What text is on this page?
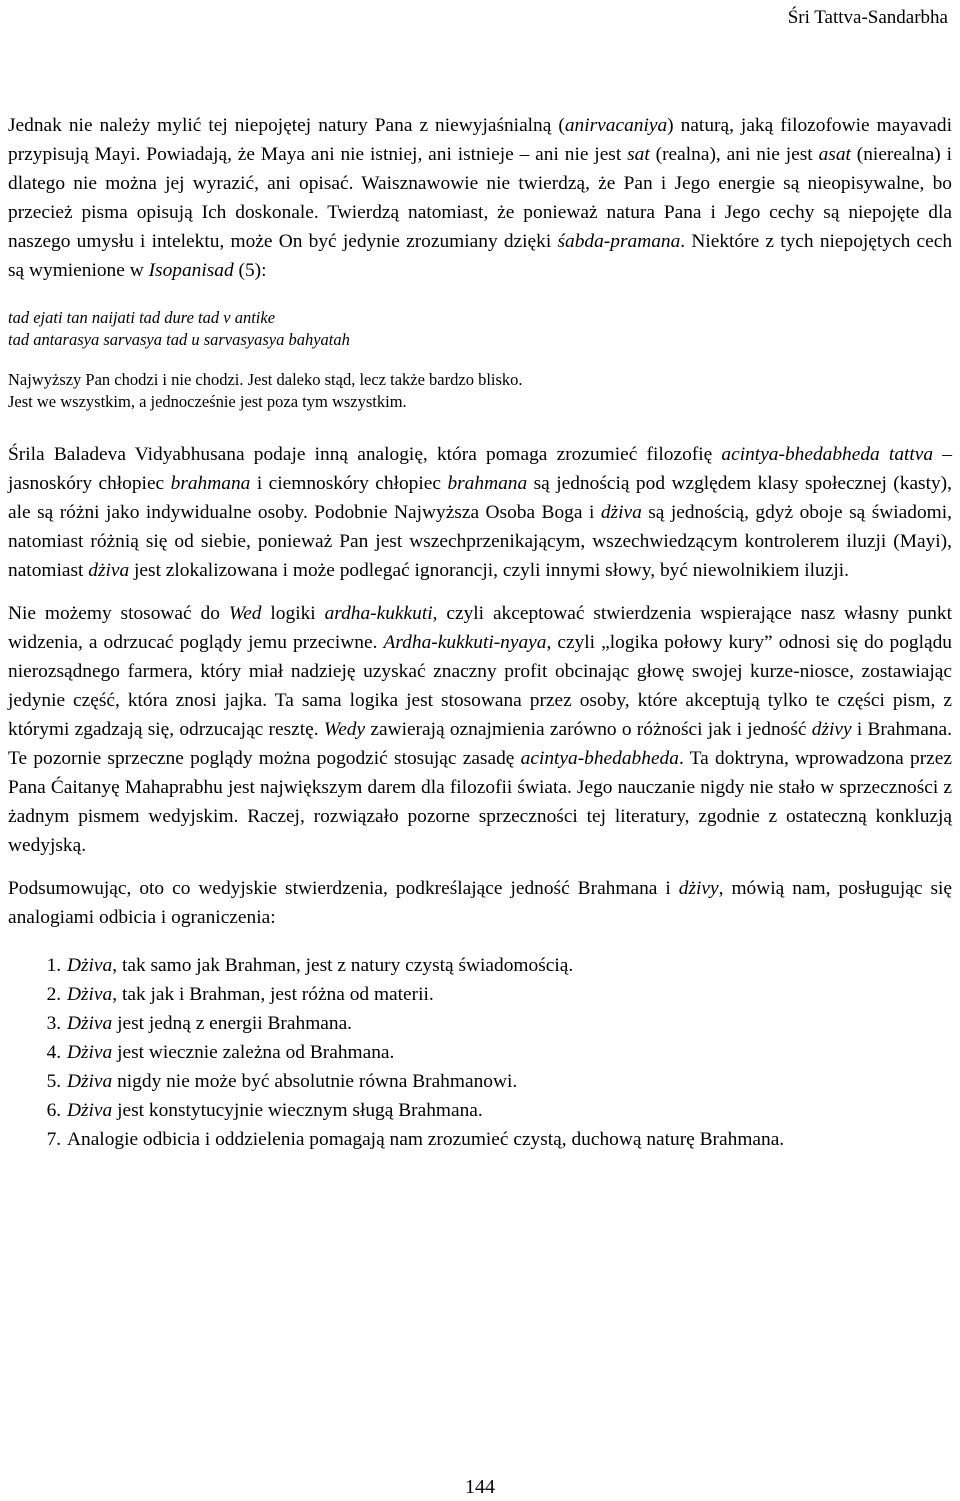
Śri Tattva-Sandarbha

Jednak nie należy mylić tej niepojętej natury Pana z niewyjaśnialną (anirvacaniya) naturą, jaką filozofowie mayavadi przypisują Mayi. Powiadają, że Maya ani nie istniej, ani istnieje – ani nie jest sat (realna), ani nie jest asat (nierealna) i dlatego nie można jej wyrazić, ani opisać. Waisznawowie nie twierdzą, że Pan i Jego energie są nieopisywalne, bo przecież pisma opisują Ich doskonale. Twierdzą natomiast, że ponieważ natura Pana i Jego cechy są niepojęte dla naszego umysłu i intelektu, może On być jedynie zrozumiany dzięki śabda-pramana. Niektóre z tych niepojętych cech są wymienione w Isopanisad (5):

tad ejati tan naijati tad dure tad v antike
tad antarasya sarvasya tad u sarvasyasya bahyatah
Najwyższy Pan chodzi i nie chodzi. Jest daleko stąd, lecz także bardzo blisko.
Jest we wszystkim, a jednocześnie jest poza tym wszystkim.

Śrila Baladeva Vidyabhusana podaje inną analogię, która pomaga zrozumieć filozofię acintya-bhedabheda tattva – jasnoskóry chłopiec brahmana i ciemnoskóry chłopiec brahmana są jednością pod względem klasy społecznej (kasty), ale są różni jako indywidualne osoby. Podobnie Najwyższa Osoba Boga i dżiva są jednością, gdyż oboje są świadomi, natomiast różnią się od siebie, ponieważ Pan jest wszechprzenikającym, wszechwiedzącym kontrolerem iluzji (Mayi), natomiast dżiva jest zlokalizowana i może podlegać ignorancji, czyli innymi słowy, być niewolnikiem iluzji.

Nie możemy stosować do Wed logiki ardha-kukkuti, czyli akceptować stwierdzenia wspierające nasz własny punkt widzenia, a odrzucać poglądy jemu przeciwne. Ardha-kukkuti-nyaya, czyli „logika połowy kury” odnosi się do poglądu nierozsądnego farmera, który miał nadzieję uzyskać znaczny profit obcinając głowę swojej kurze-niosce, zostawiając jedynie część, która znosi jajka. Ta sama logika jest stosowana przez osoby, które akceptują tylko te części pism, z którymi zgadzają się, odrzucając resztę. Wedy zawierają oznajmienia zarówno o różności jak i jedność dżivy i Brahmana. Te pozornie sprzeczne poglądy można pogodzić stosując zasadę acintya-bhedabheda. Ta doktryna, wprowadzona przez Pana Ćaitanyę Mahaprabhu jest największym darem dla filozofii świata. Jego nauczanie nigdy nie stało w sprzeczności z żadnym pismem wedyjskim. Raczej, rozwiązało pozorne sprzeczności tej literatury, zgodnie z ostateczną konkluzją wedyjską.

Podsumowując, oto co wedyjskie stwierdzenia, podkreślające jedność Brahmana i dżivy, mówią nam, posługując się analogiami odbicia i ograniczenia:

1. Dżiva, tak samo jak Brahman, jest z natury czystą świadomością.
2. Dżiva, tak jak i Brahman, jest różna od materii.
3. Dżiva jest jedną z energii Brahmana.
4. Dżiva jest wiecznie zależna od Brahmana.
5. Dżiva nigdy nie może być absolutnie równa Brahmanowi.
6. Dżiva jest konstytucyjnie wiecznym sługą Brahmana.
7. Analogie odbicia i oddzielenia pomagają nam zrozumieć czystą, duchową naturę Brahmana.
144
